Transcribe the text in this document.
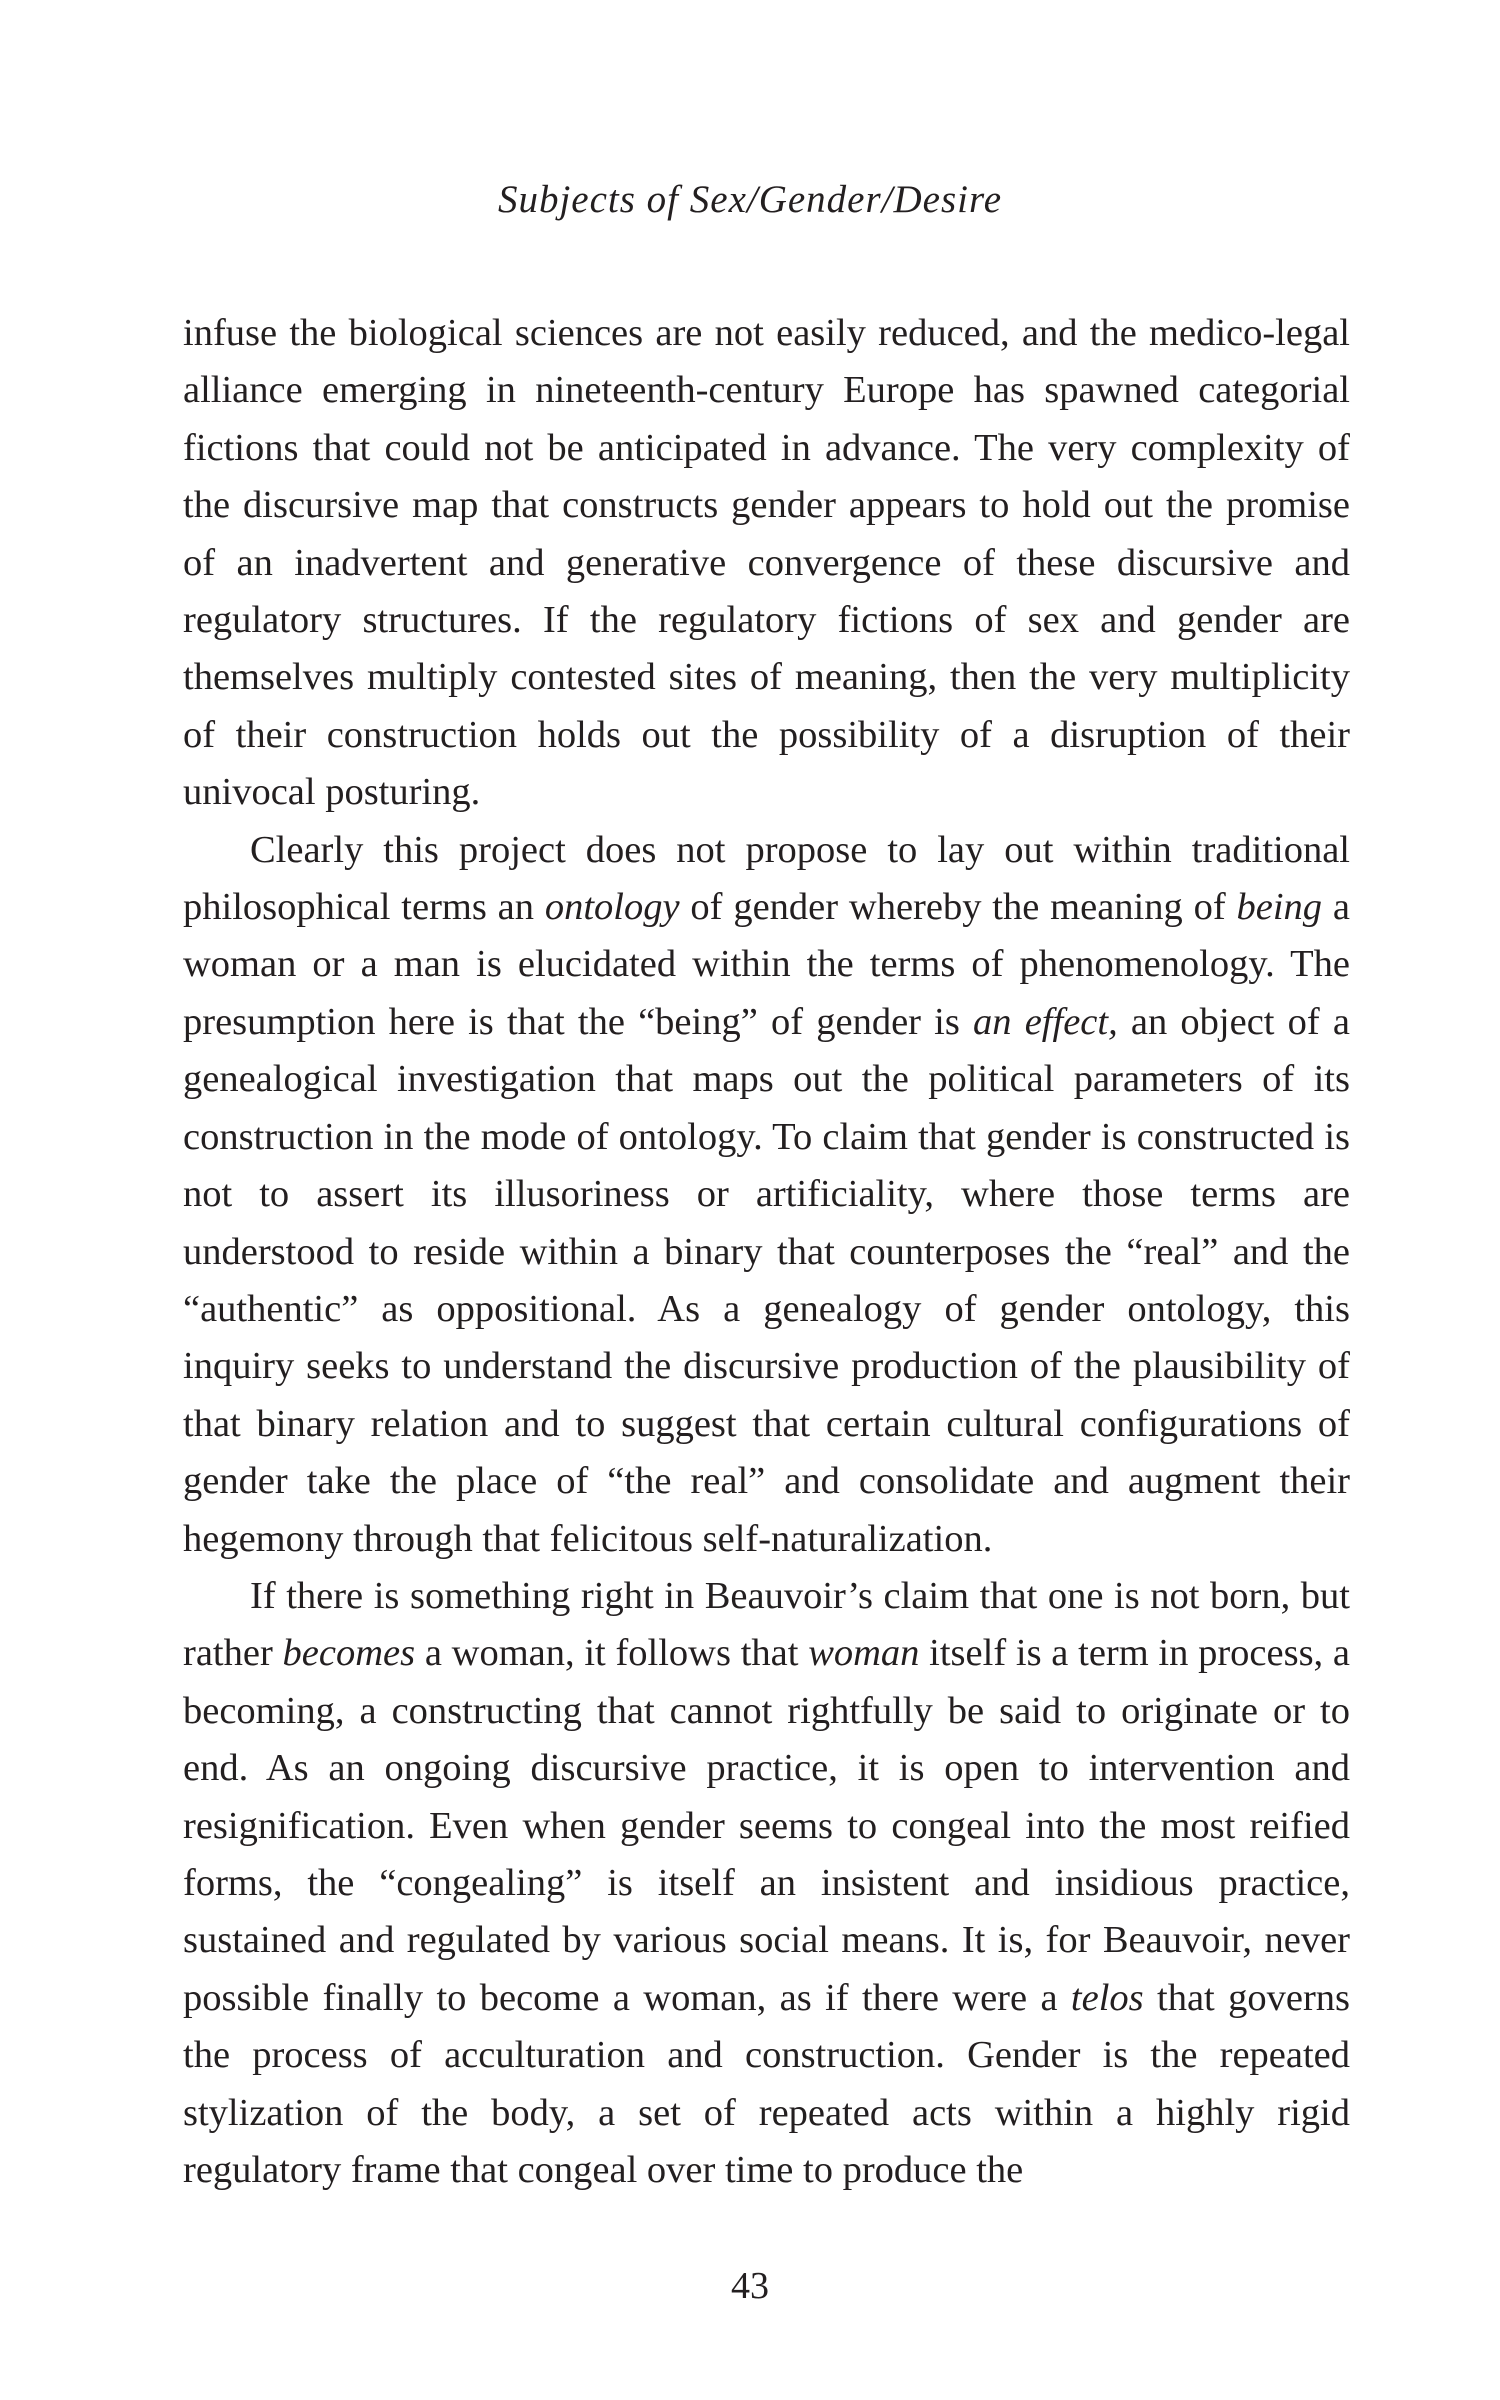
Subjects of Sex/Gender/Desire

infuse the biological sciences are not easily reduced, and the medico-legal alliance emerging in nineteenth-century Europe has spawned categorial fictions that could not be anticipated in advance. The very complexity of the discursive map that constructs gender appears to hold out the promise of an inadvertent and generative convergence of these discursive and regulatory structures. If the regulatory fictions of sex and gender are themselves multiply contested sites of meaning, then the very multiplicity of their construction holds out the possibility of a disruption of their univocal posturing.

Clearly this project does not propose to lay out within traditional philosophical terms an ontology of gender whereby the meaning of being a woman or a man is elucidated within the terms of phenomenology. The presumption here is that the “being” of gender is an effect, an object of a genealogical investigation that maps out the political parameters of its construction in the mode of ontology. To claim that gender is constructed is not to assert its illusoriness or artificiality, where those terms are understood to reside within a binary that counterposes the “real” and the “authentic” as oppositional. As a genealogy of gender ontology, this inquiry seeks to understand the discursive production of the plausibility of that binary relation and to suggest that certain cultural configurations of gender take the place of “the real” and consolidate and augment their hegemony through that felicitous self-naturalization.

If there is something right in Beauvoir’s claim that one is not born, but rather becomes a woman, it follows that woman itself is a term in process, a becoming, a constructing that cannot rightfully be said to originate or to end. As an ongoing discursive practice, it is open to intervention and resignification. Even when gender seems to congeal into the most reified forms, the “congealing” is itself an insistent and insidious practice, sustained and regulated by various social means. It is, for Beauvoir, never possible finally to become a woman, as if there were a telos that governs the process of acculturation and construction. Gender is the repeated stylization of the body, a set of repeated acts within a highly rigid regulatory frame that congeal over time to produce the

43
